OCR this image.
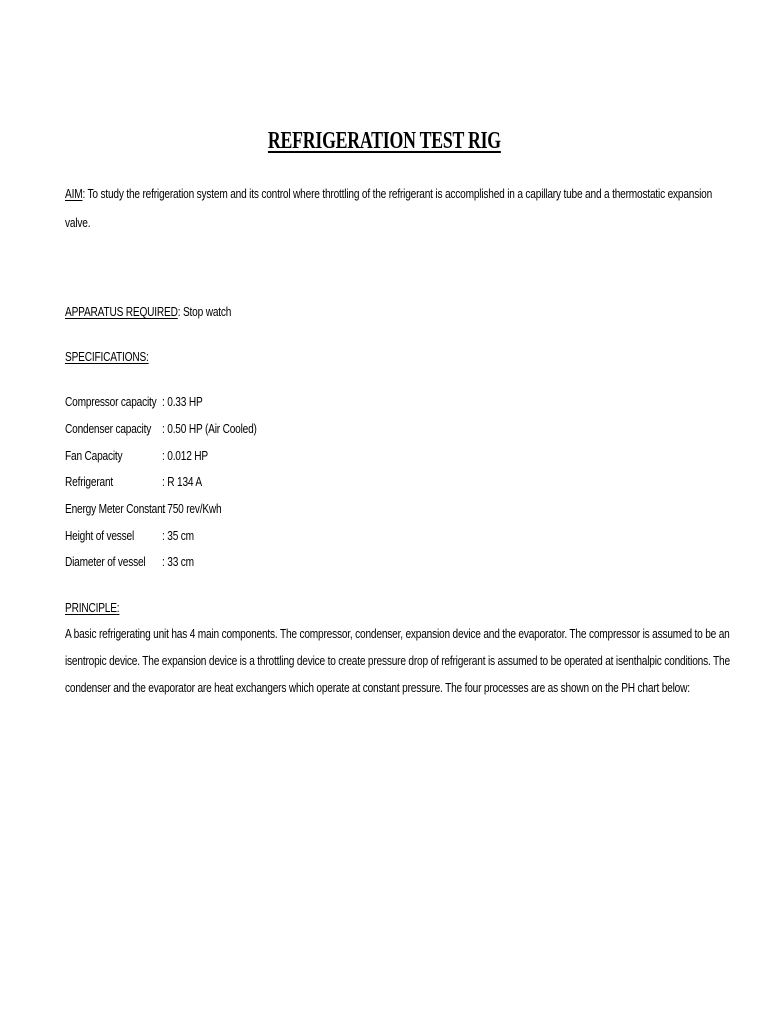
REFRIGERATION TEST RIG
AIM: To study the refrigeration system and its control where throttling of the refrigerant is accomplished in a capillary tube and a thermostatic expansion
valve.
APPARATUS REQUIRED: Stop watch
SPECIFICATIONS:
Compressor capacity : 0.33 HP
Condenser capacity : 0.50 HP (Air Cooled)
Fan Capacity	: 0.012 HP
Refrigerant	: R 134 A
Energy Meter Constant
: 750 rev/Kwh
Height of vessel : 35 cm
Diameter of vessel : 33 cm
PRINCIPLE:
A basic refrigerating unit has 4 main components. The compressor, condenser, expansion device and the evaporator. The compressor is assumed to be an
isentropic device. The expansion device is a throttling device to create pressure drop of refrigerant is assumed to be operated at isenthalpic conditions. The
condenser and the evaporator are heat exchangers which operate at constant pressure. The four processes are as shown on the PH chart below:
